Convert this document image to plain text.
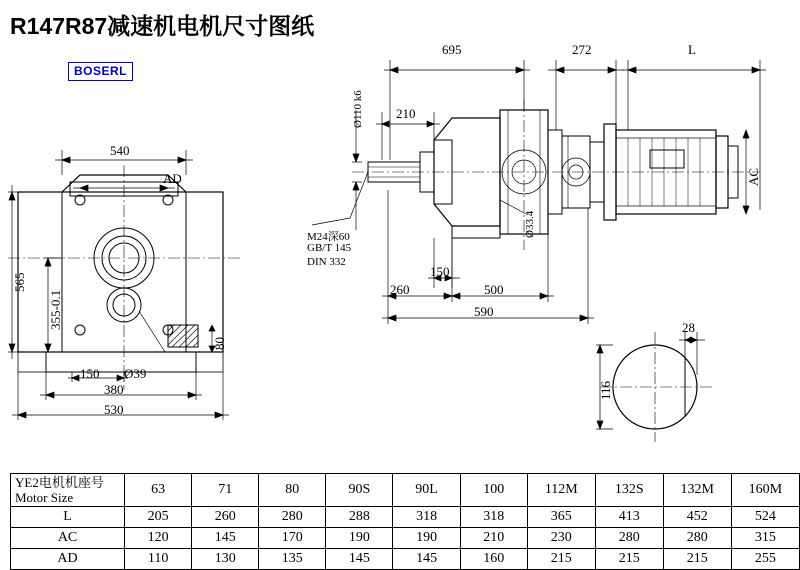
R147R87减速机电机尺寸图纸
BOSERL
540
AD
565
355-0.1
80
150 Ø39
380
530
695	272	L
Ø110 k6 210
AC
Ø33.4
M24深60
GB/T 145
DIN 332
150
260	500
590
28
116
YE2电机机座号
Motor Size	63	71	80	90S	90L	100	112M	132S	132M	160M
L	205	260	280	288	318	318	365	413	452	524
AC	120	145	170	190	190	210	230	280	280	315
AD	110	130	135	145	145	160	215	215	215	255
